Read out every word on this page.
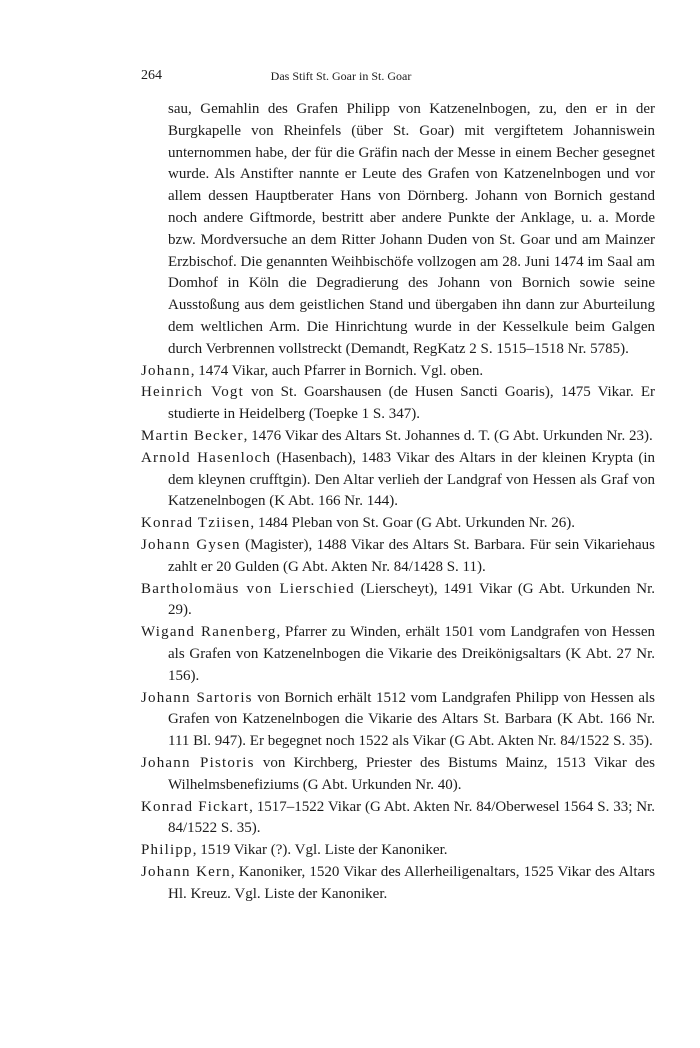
264	Das Stift St. Goar in St. Goar

sau, Gemahlin des Grafen Philipp von Katzenelnbogen, zu, den er in der Burgkapelle von Rheinfels (über St. Goar) mit vergiftetem Johanniswein unternommen habe, der für die Gräfin nach der Messe in einem Becher gesegnet wurde. Als Anstifter nannte er Leute des Grafen von Katzenelnbogen und vor allem dessen Hauptberater Hans von Dörnberg. Johann von Bornich gestand noch andere Giftmorde, bestritt aber andere Punkte der Anklage, u. a. Morde bzw. Mordversuche an dem Ritter Johann Duden von St. Goar und am Mainzer Erzbischof. Die genannten Weihbischöfe vollzogen am 28. Juni 1474 im Saal am Domhof in Köln die Degradierung des Johann von Bornich sowie seine Ausstoßung aus dem geistlichen Stand und übergaben ihn dann zur Aburteilung dem weltlichen Arm. Die Hinrichtung wurde in der Kesselkule beim Galgen durch Verbrennen vollstreckt (Demandt, RegKatz 2 S. 1515–1518 Nr. 5785).

Johann, 1474 Vikar, auch Pfarrer in Bornich. Vgl. oben.

Heinrich Vogt von St. Goarshausen (de Husen Sancti Goaris), 1475 Vikar. Er studierte in Heidelberg (Toepke 1 S. 347).

Martin Becker, 1476 Vikar des Altars St. Johannes d. T. (G Abt. Urkunden Nr. 23).

Arnold Hasenloch (Hasenbach), 1483 Vikar des Altars in der kleinen Krypta (in dem kleynen crufftgin). Den Altar verlieh der Landgraf von Hessen als Graf von Katzenelnbogen (K Abt. 166 Nr. 144).

Konrad Tziisen, 1484 Pleban von St. Goar (G Abt. Urkunden Nr. 26).

Johann Gysen (Magister), 1488 Vikar des Altars St. Barbara. Für sein Vikariehaus zahlt er 20 Gulden (G Abt. Akten Nr. 84/1428 S. 11).

Bartholomäus von Lierschied (Lierscheyt), 1491 Vikar (G Abt. Urkunden Nr. 29).

Wigand Ranenberg, Pfarrer zu Winden, erhält 1501 vom Landgrafen von Hessen als Grafen von Katzenelnbogen die Vikarie des Dreikönigsaltars (K Abt. 27 Nr. 156).

Johann Sartoris von Bornich erhält 1512 vom Landgrafen Philipp von Hessen als Grafen von Katzenelnbogen die Vikarie des Altars St. Barbara (K Abt. 166 Nr. 111 Bl. 947). Er begegnet noch 1522 als Vikar (G Abt. Akten Nr. 84/1522 S. 35).

Johann Pistoris von Kirchberg, Priester des Bistums Mainz, 1513 Vikar des Wilhelmsbenefiziums (G Abt. Urkunden Nr. 40).

Konrad Fickart, 1517–1522 Vikar (G Abt. Akten Nr. 84/Oberwesel 1564 S. 33; Nr. 84/1522 S. 35).

Philipp, 1519 Vikar (?). Vgl. Liste der Kanoniker.

Johann Kern, Kanoniker, 1520 Vikar des Allerheiligenaltars, 1525 Vikar des Altars Hl. Kreuz. Vgl. Liste der Kanoniker.
